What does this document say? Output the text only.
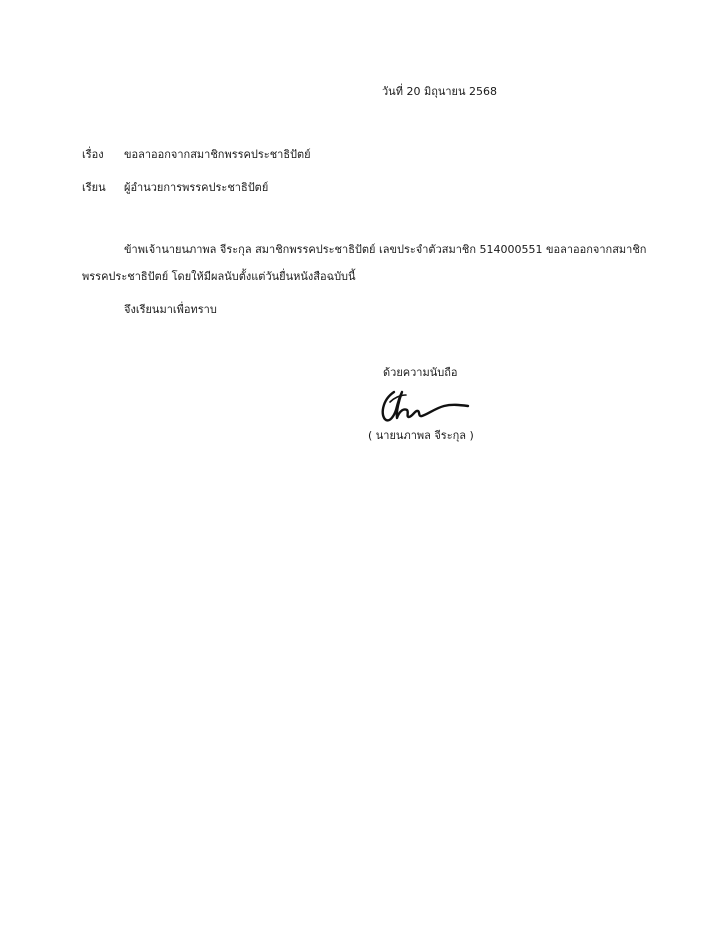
วันที่ 20 มิถุนายน 2568
เรื่อง ขอลาออกจากสมาชิกพรรคประชาธิปัตย์
เรียน ผู้อำนวยการพรรคประชาธิปัตย์
ข้าพเจ้านายนภาพล จีระกุล สมาชิกพรรคประชาธิปัตย์ เลขประจำตัวสมาชิก 514000551 ขอลาออกจากสมาชิก
พรรคประชาธิปัตย์ โดยให้มีผลนับตั้งแต่วันยื่นหนังสือฉบับนี้
จึงเรียนมาเพื่อทราบ
ด้วยความนับถือ
( นายนภาพล จีระกุล )
